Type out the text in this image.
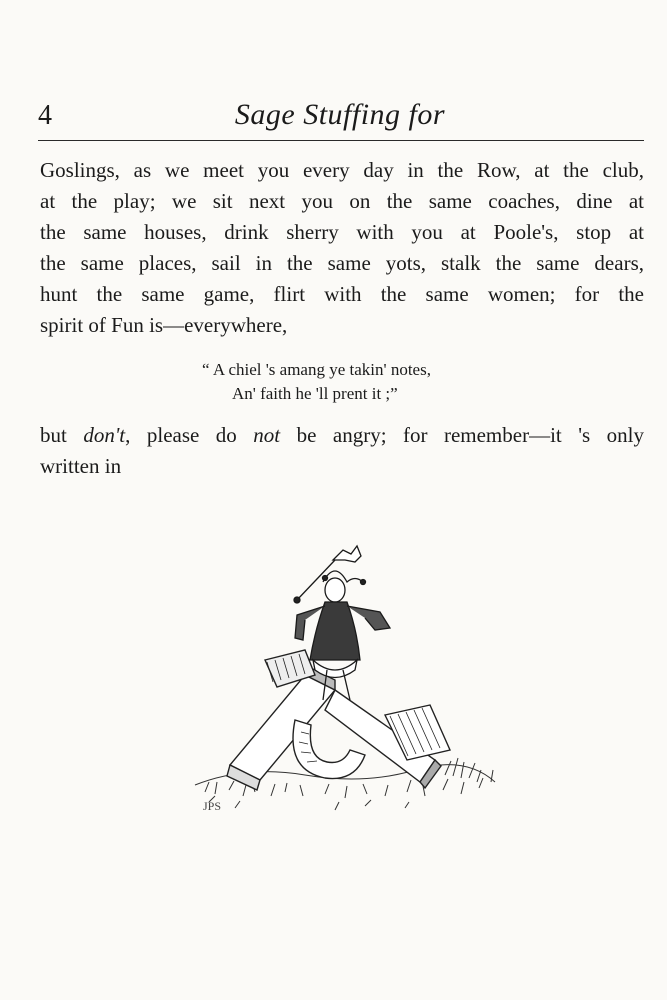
4	Sage Stuffing for
Goslings, as we meet you every day in the Row, at the club,
at the play; we sit next you on the same coaches, dine at
the same houses, drink sherry with you at Poole's, stop at
the same places, sail in the same yots, stalk the same dears,
hunt the same game, flirt with the same women; for the
spirit of Fun is—everywhere,
“ A chiel 's amang ye takin' notes,
An' faith he 'll prent it ;”
but don't, please do not be angry; for remember—it 's only
written in
JPS
